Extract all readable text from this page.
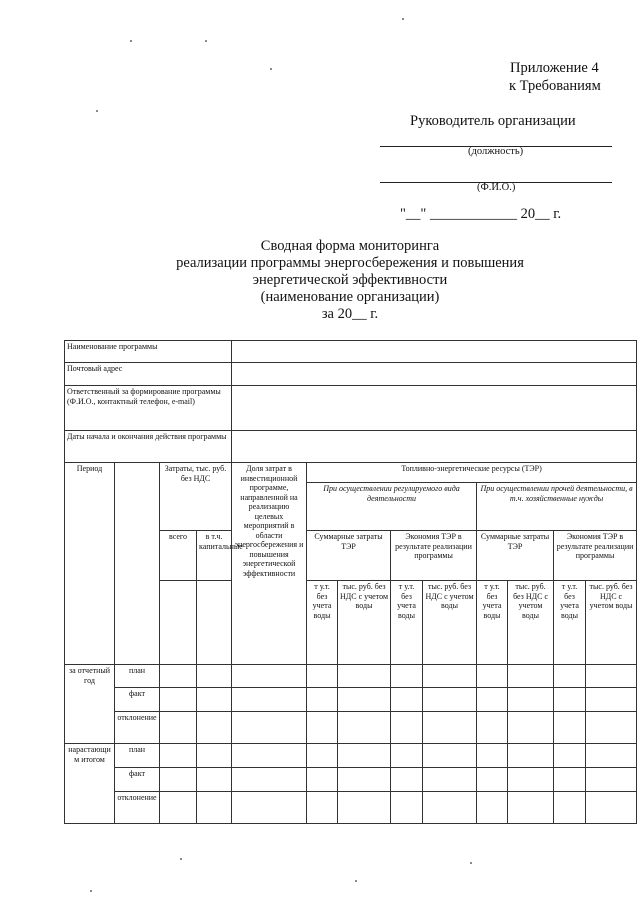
Приложение 4
к Требованиям
Руководитель организации
(должность)
(Ф.И.О.)
"__" ____________ 20__ г.
Сводная форма мониторинга
реализации программы энергосбережения и повышения
энергетической эффективности
(наименование организации)
за 20__ г.
Наименование программы												
Почтовый адрес												
Ответственный за формирование программы (Ф.И.О., контактный телефон, e-mail)												
Даты начала и окончания действия программы												
Период		Затраты, тыс. руб. без НДС		Доля затрат в инвестиционной программе, направленной на реализацию целевых мероприятий в области энергосбережения и повышения энергетической эффективности	Топливно-энергетические ресурсы (ТЭР)							
					При осуществлении регулируемого вида деятельности				При осуществлении прочей деятельности, в т.ч. хозяйственные нужды			
		всего	в т.ч. капитальные		Суммарные затраты ТЭР		Экономия ТЭР в результате реализации программы		Суммарные затраты ТЭР		Экономия ТЭР в результате реализации программы	
					т у.т. без учета воды	тыс. руб. без НДС с учетом воды	т у.т. без учета воды	тыс. руб. без НДС с учетом воды	т у.т. без учета воды	тыс. руб. без НДС с учетом воды	т у.т. без учета воды	тыс. руб. без НДС с учетом воды
за отчетный год	план											
	факт											
	отклонение											
нарастающим итогом	план											
	факт											
	отклонение											
